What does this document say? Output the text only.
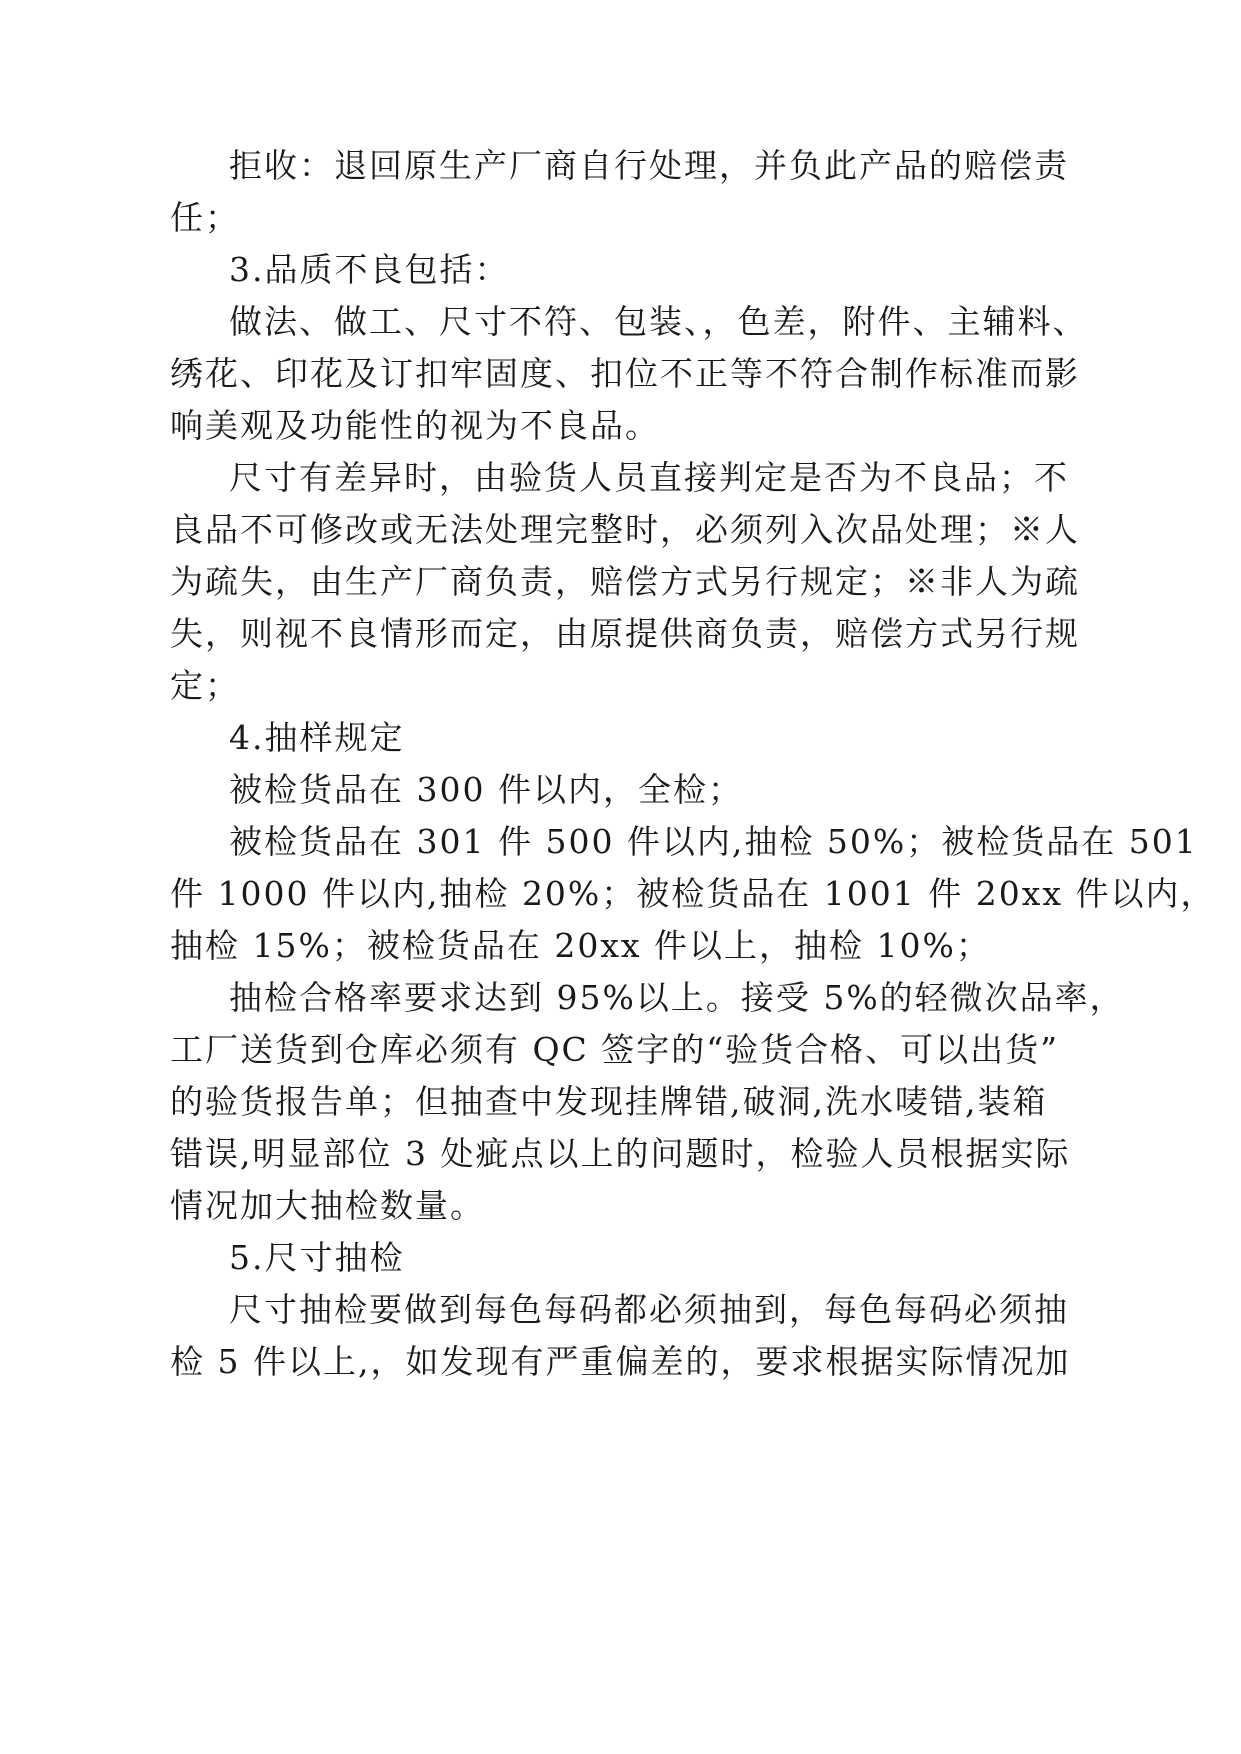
拒收：退回原生产厂商自行处理，并负此产品的赔偿责

任；

3.品质不良包括：

做法、做工、尺寸不符、包装、，色差，附件、主辅料、

绣花、印花及订扣牢固度、扣位不正等不符合制作标准而影

响美观及功能性的视为不良品。

尺寸有差异时，由验货人员直接判定是否为不良品；不

良品不可修改或无法处理完整时，必须列入次品处理；※人

为疏失，由生产厂商负责，赔偿方式另行规定；※非人为疏

失，则视不良情形而定，由原提供商负责，赔偿方式另行规

定；

4.抽样规定

被检货品在 300 件以内，全检；

被检货品在 301 件 500 件以内,抽检 50%；被检货品在 501

件 1000 件以内,抽检 20%；被检货品在 1001 件 20xx 件以内，

抽检 15%；被检货品在 20xx 件以上，抽检 10%；

抽检合格率要求达到 95%以上。接受 5%的轻微次品率，

工厂送货到仓库必须有 QC 签字的“验货合格、可以出货”

的验货报告单；但抽查中发现挂牌错,破洞,洗水唛错,装箱

错误,明显部位 3 处疵点以上的问题时，检验人员根据实际

情况加大抽检数量。

5.尺寸抽检

尺寸抽检要做到每色每码都必须抽到，每色每码必须抽

检 5 件以上,，如发现有严重偏差的，要求根据实际情况加
